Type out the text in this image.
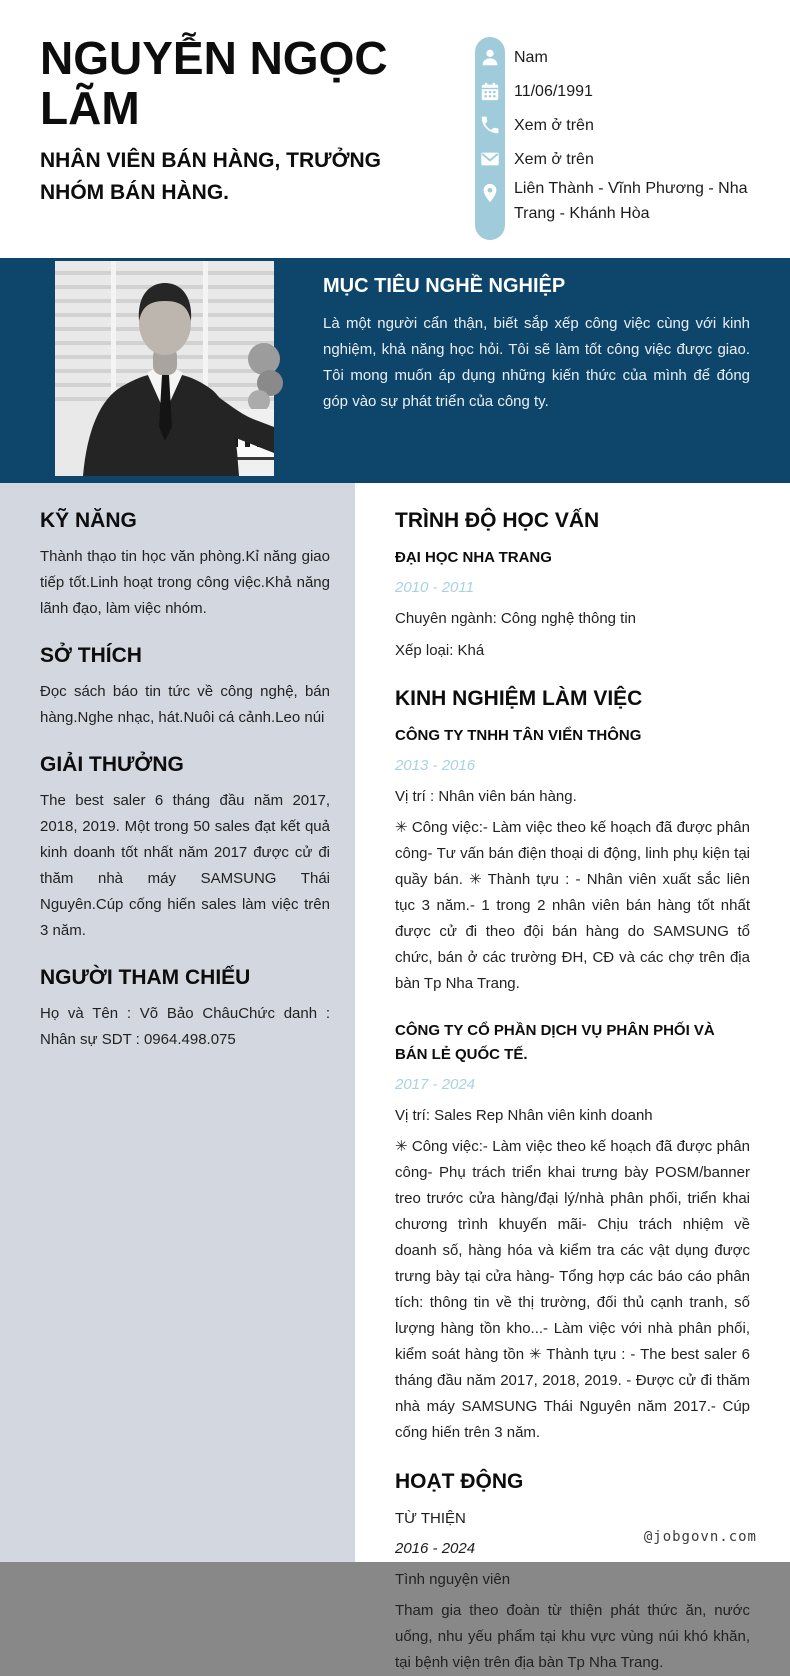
NGUYỄN NGỌC LÃM
NHÂN VIÊN BÁN HÀNG, TRƯỞNG NHÓM BÁN HÀNG.
Nam
11/06/1991
Xem ở trên
Xem ở trên
Liên Thành - Vĩnh Phương - Nha Trang - Khánh Hòa
MỤC TIÊU NGHỀ NGHIỆP

Là một người cẩn thận, biết sắp xếp công việc cùng với kinh nghiệm, khả năng học hỏi. Tôi sẽ làm tốt công việc được giao. Tôi mong muốn áp dụng những kiến thức của mình để đóng góp vào sự phát triển của công ty.

KỸ NĂNG

Thành thạo tin học văn phòng.Kỉ năng giao tiếp tốt.Linh hoạt trong công việc.Khả năng lãnh đạo, làm việc nhóm.

SỞ THÍCH

Đọc sách báo tin tức về công nghệ, bán hàng.Nghe nhạc, hát.Nuôi cá cảnh.Leo núi

GIẢI THƯỞNG

The best saler 6 tháng đầu năm 2017, 2018, 2019. Một trong 50 sales đạt kết quả kinh doanh tốt nhất năm 2017 được cử đi thăm nhà máy SAMSUNG Thái Nguyên.Cúp cống hiến sales làm việc trên 3 năm.

NGƯỜI THAM CHIẾU

Họ và Tên : Võ Bảo ChâuChức danh : Nhân sự SDT : 0964.498.075

TRÌNH ĐỘ HỌC VẤN
ĐẠI HỌC NHA TRANG
2010 - 2011
Chuyên ngành: Công nghệ thông tin
Xếp loại: Khá
KINH NGHIỆM LÀM VIỆC
CÔNG TY TNHH TÂN VIỂN THÔNG
2013 - 2016
Vị trí : Nhân viên bán hàng.

✳ Công việc:- Làm việc theo kế hoạch đã được phân công- Tư vấn bán điện thoại di động, linh phụ kiện tại quầy bán. ✳ Thành tựu : - Nhân viên xuất sắc liên tục 3 năm.- 1 trong 2 nhân viên bán hàng tốt nhất được cử đi theo đội bán hàng do SAMSUNG tổ chức, bán ở các trường ĐH, CĐ và các chợ trên địa bàn Tp Nha Trang.

CÔNG TY CỔ PHẦN DỊCH VỤ PHÂN PHỐI VÀ BÁN LẺ QUỐC TẾ.
2017 - 2024
Vị trí: Sales Rep Nhân viên kinh doanh

✳ Công việc:- Làm việc theo kế hoạch đã được phân công- Phụ trách triển khai trưng bày POSM/banner treo trước cửa hàng/đại lý/nhà phân phối, triển khai chương trình khuyến mãi- Chịu trách nhiệm về doanh số, hàng hóa và kiểm tra các vật dụng được trưng bày tại cửa hàng- Tổng hợp các báo cáo phân tích: thông tin về thị trường, đối thủ cạnh tranh, số lượng hàng tồn kho...- Làm việc với nhà phân phối, kiểm soát hàng tồn ✳ Thành tựu : - The best saler 6 tháng đầu năm 2017, 2018, 2019. - Được cử đi thăm nhà máy SAMSUNG Thái Nguyên năm 2017.- Cúp cống hiến trên 3 năm.

HOẠT ĐỘNG
TỪ THIỆN
2016 - 2024
Tình nguyện viên

Tham gia theo đoàn từ thiện phát thức ăn, nước uống, nhu yếu phẩm tại khu vực vùng núi khó khăn, tại bệnh viện trên địa bàn Tp Nha Trang.

@jobgovn.com
